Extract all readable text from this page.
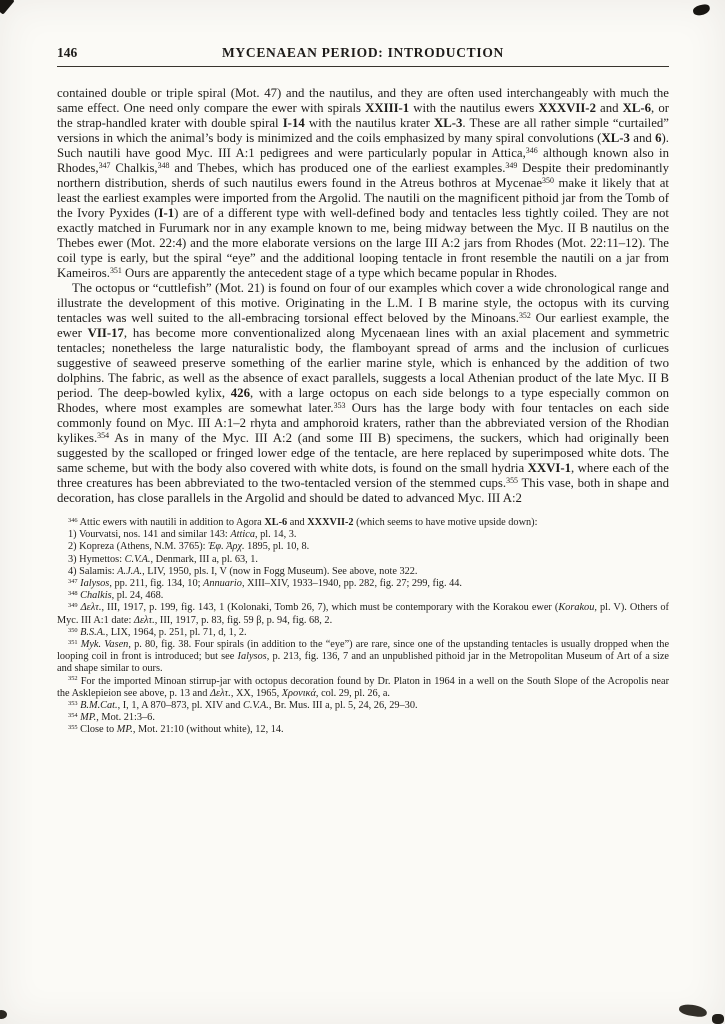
146	MYCENAEAN PERIOD: INTRODUCTION

contained double or triple spiral (Mot. 47) and the nautilus, and they are often used interchangeably with much the same effect. One need only compare the ewer with spirals XXIII-1 with the nautilus ewers XXXVII-2 and XL-6, or the strap-handled krater with double spiral I-14 with the nautilus krater XL-3. These are all rather simple “curtailed” versions in which the animal’s body is minimized and the coils emphasized by many spiral convolutions (XL-3 and 6). Such nautili have good Myc. III A:1 pedigrees and were particularly popular in Attica,$^{346}$ although known also in Rhodes,$^{347}$ Chalkis,$^{348}$ and Thebes, which has produced one of the earliest examples.$^{349}$ Despite their predominantly northern distribution, sherds of such nautilus ewers found in the Atreus bothros at Mycenae$^{350}$ make it likely that at least the earliest examples were imported from the Argolid. The nautili on the magnificent pithoid jar from the Tomb of the Ivory Pyxides (I-1) are of a different type with well-defined body and tentacles less tightly coiled. They are not exactly matched in Furumark nor in any example known to me, being midway between the Myc. II B nautilus on the Thebes ewer (Mot. 22:4) and the more elaborate versions on the large III A:2 jars from Rhodes (Mot. 22:11–12). The coil type is early, but the spiral “eye” and the additional looping tentacle in front resemble the nautili on a jar from Kameiros.$^{351}$ Ours are apparently the antecedent stage of a type which became popular in Rhodes.

The octopus or “cuttlefish” (Mot. 21) is found on four of our examples which cover a wide chronological range and illustrate the development of this motive. Originating in the L.M. I B marine style, the octopus with its curving tentacles was well suited to the all-embracing torsional effect beloved by the Minoans.$^{352}$ Our earliest example, the ewer VII-17, has become more conventionalized along Mycenaean lines with an axial placement and symmetric tentacles; nonetheless the large naturalistic body, the flamboyant spread of arms and the inclusion of curlicues suggestive of seaweed preserve something of the earlier marine style, which is enhanced by the addition of two dolphins. The fabric, as well as the absence of exact parallels, suggests a local Athenian product of the late Myc. II B period. The deep-bowled kylix, 426, with a large octopus on each side belongs to a type especially common on Rhodes, where most examples are somewhat later.$^{353}$ Ours has the large body with four tentacles on each side commonly found on Myc. III A:1–2 rhyta and amphoroid kraters, rather than the abbreviated version of the Rhodian kylikes.$^{354}$ As in many of the Myc. III A:2 (and some III B) specimens, the suckers, which had originally been suggested by the scalloped or fringed lower edge of the tentacle, are here replaced by superimposed white dots. The same scheme, but with the body also covered with white dots, is found on the small hydria XXVI-1, where each of the three creatures has been abbreviated to the two-tentacled version of the stemmed cups.$^{355}$ This vase, both in shape and decoration, has close parallels in the Argolid and should be dated to advanced Myc. III A:2

$^{346}$ Attic ewers with nautili in addition to Agora XL-6 and XXXVII-2 (which seems to have motive upside down):

1) Vourvatsi, nos. 141 and similar 143: Attica, pl. 14, 3.

2) Kopreza (Athens, N.M. 3765): Ἐφ. Ἀρχ. 1895, pl. 10, 8.

3) Hymettos: C.V.A., Denmark, III a, pl. 63, 1.

4) Salamis: A.J.A., LIV, 1950, pls. I, V (now in Fogg Museum). See above, note 322.

$^{347}$ Ialysos, pp. 211, fig. 134, 10; Annuario, XIII–XIV, 1933–1940, pp. 282, fig. 27; 299, fig. 44.

$^{348}$ Chalkis, pl. 24, 468.

$^{349}$ Δελτ., III, 1917, p. 199, fig. 143, 1 (Kolonaki, Tomb 26, 7), which must be contemporary with the Korakou ewer (Korakou, pl. V). Others of Myc. III A:1 date: Δελτ., III, 1917, p. 83, fig. 59 β, p. 94, fig. 68, 2.

$^{350}$ B.S.A., LIX, 1964, p. 251, pl. 71, d, 1, 2.

$^{351}$ Myk. Vasen, p. 80, fig. 38. Four spirals (in addition to the “eye”) are rare, since one of the upstanding tentacles is usually dropped when the looping coil in front is introduced; but see Ialysos, p. 213, fig. 136, 7 and an unpublished pithoid jar in the Metropolitan Museum of Art of a size and shape similar to ours.

$^{352}$ For the imported Minoan stirrup-jar with octopus decoration found by Dr. Platon in 1964 in a well on the South Slope of the Acropolis near the Asklepieion see above, p. 13 and Δελτ., XX, 1965, Χρονικά, col. 29, pl. 26, a.

$^{353}$ B.M.Cat., I, 1, A 870–873, pl. XIV and C.V.A., Br. Mus. III a, pl. 5, 24, 26, 29–30.

$^{354}$ MP., Mot. 21:3–6.

$^{355}$ Close to MP., Mot. 21:10 (without white), 12, 14.
